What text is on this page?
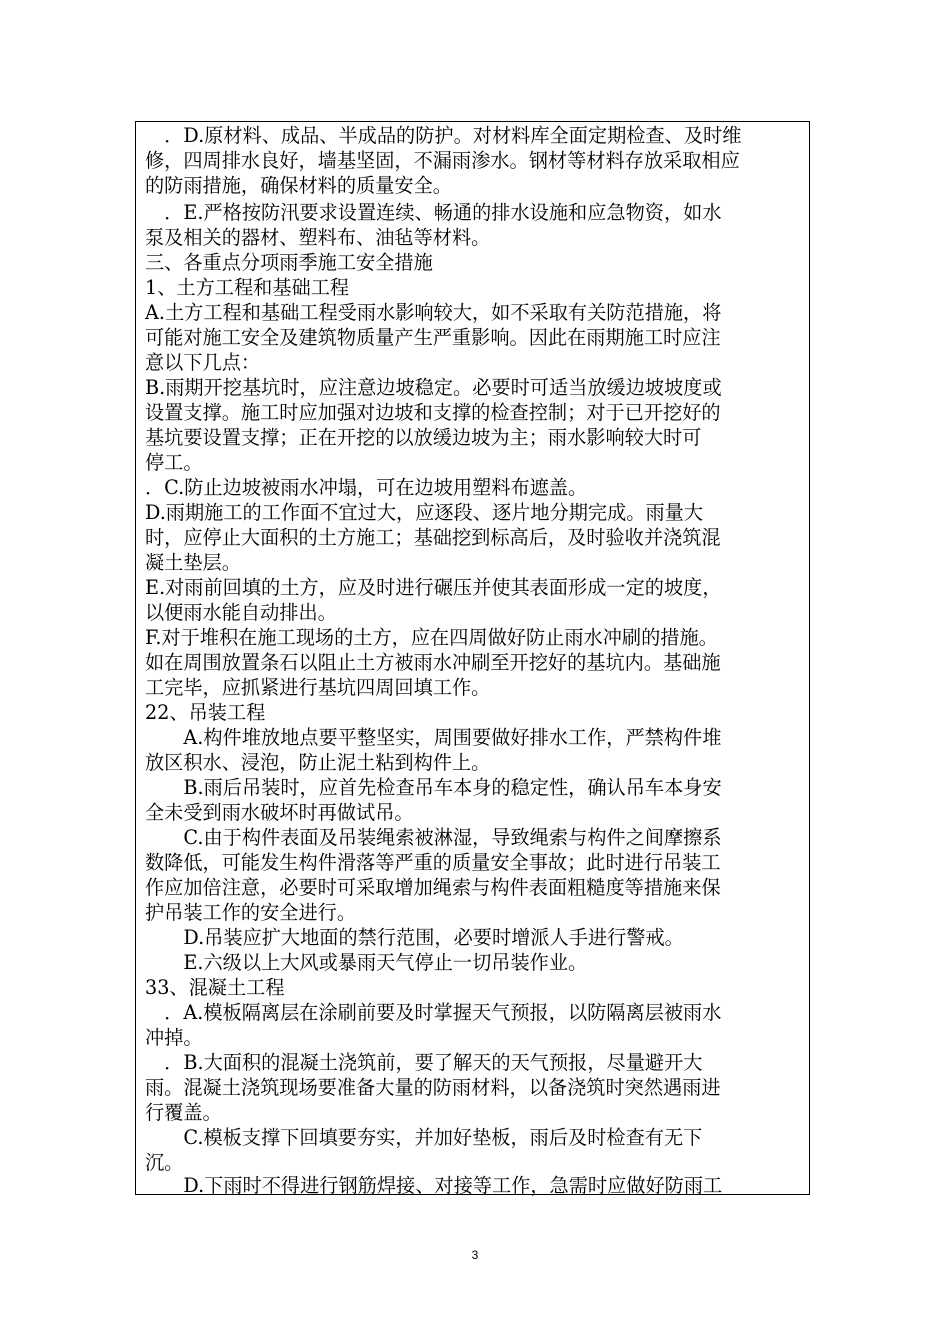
　．D.原材料、成品、半成品的防护。对材料库全面定期检查、及时维
修，四周排水良好，墙基坚固，不漏雨渗水。钢材等材料存放采取相应
的防雨措施，确保材料的质量安全。
　．E.严格按防汛要求设置连续、畅通的排水设施和应急物资，如水
泵及相关的器材、塑料布、油毡等材料。
三、各重点分项雨季施工安全措施
1、土方工程和基础工程
A.土方工程和基础工程受雨水影响较大，如不采取有关防范措施，将
可能对施工安全及建筑物质量产生严重影响。因此在雨期施工时应注
意以下几点：
B.雨期开挖基坑时，应注意边坡稳定。必要时可适当放缓边坡坡度或
设置支撑。施工时应加强对边坡和支撑的检查控制；对于已开挖好的
基坑要设置支撑；正在开挖的以放缓边坡为主；雨水影响较大时可
停工。
．C.防止边坡被雨水冲塌，可在边坡用塑料布遮盖。
D.雨期施工的工作面不宜过大，应逐段、逐片地分期完成。雨量大
时，应停止大面积的土方施工；基础挖到标高后，及时验收并浇筑混
凝土垫层。
E.对雨前回填的土方，应及时进行碾压并使其表面形成一定的坡度，
以便雨水能自动排出。
F.对于堆积在施工现场的土方，应在四周做好防止雨水冲刷的措施。
如在周围放置条石以阻止土方被雨水冲刷至开挖好的基坑内。基础施
工完毕，应抓紧进行基坑四周回填工作。
22、吊装工程
　　A.构件堆放地点要平整坚实，周围要做好排水工作，严禁构件堆
放区积水、浸泡，防止泥土粘到构件上。
　　B.雨后吊装时，应首先检查吊车本身的稳定性，确认吊车本身安
全未受到雨水破坏时再做试吊。
　　C.由于构件表面及吊装绳索被淋湿，导致绳索与构件之间摩擦系
数降低，可能发生构件滑落等严重的质量安全事故；此时进行吊装工
作应加倍注意，必要时可采取增加绳索与构件表面粗糙度等措施来保
护吊装工作的安全进行。
　　D.吊装应扩大地面的禁行范围，必要时增派人手进行警戒。
　　E.六级以上大风或暴雨天气停止一切吊装作业。
33、混凝土工程
　．A.模板隔离层在涂刷前要及时掌握天气预报，以防隔离层被雨水
冲掉。
　．B.大面积的混凝土浇筑前，要了解天的天气预报，尽量避开大
雨。混凝土浇筑现场要准备大量的防雨材料，以备浇筑时突然遇雨进
行覆盖。
　　C.模板支撑下回填要夯实，并加好垫板，雨后及时检查有无下
沉。
　　D.下雨时不得进行钢筋焊接、对接等工作，急需时应做好防雨工
3
